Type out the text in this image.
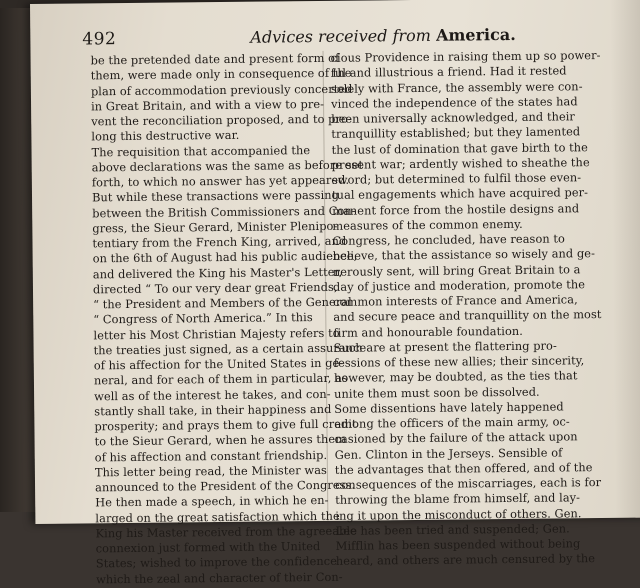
492	Advices received from America.
be the pretended date and present form of
them, were made only in consequence of the
plan of accommodation previously concerted
in Great Britain, and with a view to pre-
vent the reconciliation proposed, and to pro-
long this destructive war.
The requisition that accompanied the
above declarations was the same as before set
forth, to which no answer has yet appeared.
But while these transactions were passing
between the British Commissioners and Con-
gress, the Sieur Gerard, Minister Plenipo-
tentiary from the French King, arrived, and
on the 6th of August had his public audience,
and delivered the King his Master's Letter,
directed “ To our very dear great Friends,
“ the President and Members of the General
“ Congress of North America.” In this
letter his Most Christian Majesty refers to
the treaties just signed, as a certain assurance
of his affection for the United States in ge-
neral, and for each of them in particular, as
well as of the interest he takes, and con-
stantly shall take, in their happiness and
prosperity; and prays them to give full credit
to the Sieur Gerard, when he assures them
of his affection and constant friendship.
This letter being read, the Minister was
announced to the President of the Congress.
He then made a speech, in which he en-
larged on the great satisfaction which the
King his Master received from the agreeable
connexion just formed with the United
States; wished to improve the confidence
which the zeal and character of their Con-
cious Providence in raising them up so power-
ful and illustrious a friend. Had it rested
solely with France, the assembly were con-
vinced the independence of the states had
been universally acknowledged, and their
tranquillity established; but they lamented
the lust of domination that gave birth to the
present war; ardently wished to sheathe the
sword; but determined to fulfil those even-
tual engagements which have acquired per-
manent force from the hostile designs and
measures of the common enemy.
Congress, he concluded, have reason to
believe, that the assistance so wisely and ge-
nerously sent, will bring Great Britain to a
day of justice and moderation, promote the
common interests of France and America,
and secure peace and tranquillity on the most
firm and honourable foundation.
Such are at present the flattering pro-
fessions of these new allies; their sincerity,
however, may be doubted, as the ties that
unite them must soon be dissolved.
Some dissentions have lately happened
among the officers of the main army, oc-
casioned by the failure of the attack upon
Gen. Clinton in the Jerseys. Sensible of
the advantages that then offered, and of the
consequences of the miscarriages, each is for
throwing the blame from himself, and lay-
ing it upon the misconduct of others. Gen.
Lee has been tried and suspended; Gen.
Mifflin has been suspended without being
heard, and others are much censured by the
